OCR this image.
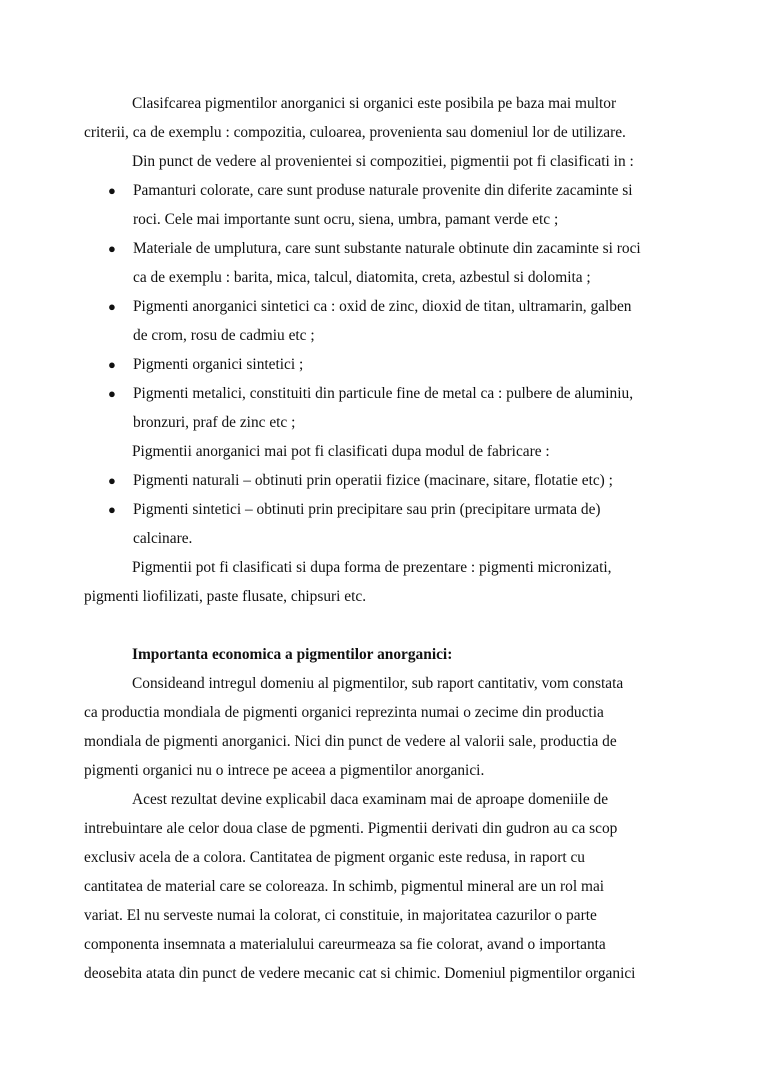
Clasifcarea pigmentilor anorganici si organici este posibila pe baza mai multor
criterii, ca de exemplu : compozitia, culoarea, provenienta sau domeniul lor de utilizare.
Din punct de vedere al provenientei si compozitiei, pigmentii pot fi clasificati in :
● Pamanturi colorate, care sunt produse naturale provenite din diferite zacaminte si
roci. Cele mai importante sunt ocru, siena, umbra, pamant verde etc ;
● Materiale de umplutura, care sunt substante naturale obtinute din zacaminte si roci
ca de exemplu : barita, mica, talcul, diatomita, creta, azbestul si dolomita ;
● Pigmenti anorganici sintetici ca : oxid de zinc, dioxid de titan, ultramarin, galben
de crom, rosu de cadmiu etc ;
● Pigmenti organici sintetici ;
● Pigmenti metalici, constituiti din particule fine de metal ca : pulbere de aluminiu,
bronzuri, praf de zinc etc ;
Pigmentii anorganici mai pot fi clasificati dupa modul de fabricare :
● Pigmenti naturali – obtinuti prin operatii fizice (macinare, sitare, flotatie etc) ;
● Pigmenti sintetici – obtinuti prin precipitare sau prin (precipitare urmata de)
calcinare.
Pigmentii pot fi clasificati si dupa forma de prezentare : pigmenti micronizati,
pigmenti liofilizati, paste flusate, chipsuri etc.
Importanta economica a pigmentilor anorganici:
Consideand intregul domeniu al pigmentilor, sub raport cantitativ, vom constata
ca productia mondiala de pigmenti organici reprezinta numai o zecime din productia
mondiala de pigmenti anorganici. Nici din punct de vedere al valorii sale, productia de
pigmenti organici nu o intrece pe aceea a pigmentilor anorganici.
Acest rezultat devine explicabil daca examinam mai de aproape domeniile de
intrebuintare ale celor doua clase de pgmenti. Pigmentii derivati din gudron au ca scop
exclusiv acela de a colora. Cantitatea de pigment organic este redusa, in raport cu
cantitatea de material care se coloreaza. In schimb, pigmentul mineral are un rol mai
variat. El nu serveste numai la colorat, ci constituie, in majoritatea cazurilor o parte
componenta insemnata a materialului careurmeaza sa fie colorat, avand o importanta
deosebita atata din punct de vedere mecanic cat si chimic. Domeniul pigmentilor organici
